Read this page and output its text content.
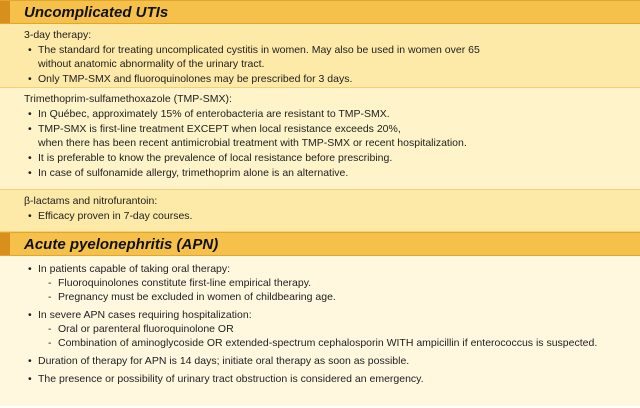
Uncomplicated UTIs
3-day therapy:
• The standard for treating uncomplicated cystitis in women. May also be used in women over 65
without anatomic abnormality of the urinary tract.
• Only TMP-SMX and fluoroquinolones may be prescribed for 3 days.
Trimethoprim-sulfamethoxazole (TMP-SMX):
• In Québec, approximately 15% of enterobacteria are resistant to TMP-SMX.
• TMP-SMX is first-line treatment EXCEPT when local resistance exceeds 20%,
when there has been recent antimicrobial treatment with TMP-SMX or recent hospitalization.
• It is preferable to know the prevalence of local resistance before prescribing.
• In case of sulfonamide allergy, trimethoprim alone is an alternative.
β-lactams and nitrofurantoin:
• Efficacy proven in 7-day courses.
Acute pyelonephritis (APN)
• In patients capable of taking oral therapy:
- Fluoroquinolones constitute first-line empirical therapy.
- Pregnancy must be excluded in women of childbearing age.
• In severe APN cases requiring hospitalization:
- Oral or parenteral fluoroquinolone OR
- Combination of aminoglycoside OR extended-spectrum cephalosporin WITH ampicillin if enterococcus is suspected.
• Duration of therapy for APN is 14 days; initiate oral therapy as soon as possible.
• The presence or possibility of urinary tract obstruction is considered an emergency.
